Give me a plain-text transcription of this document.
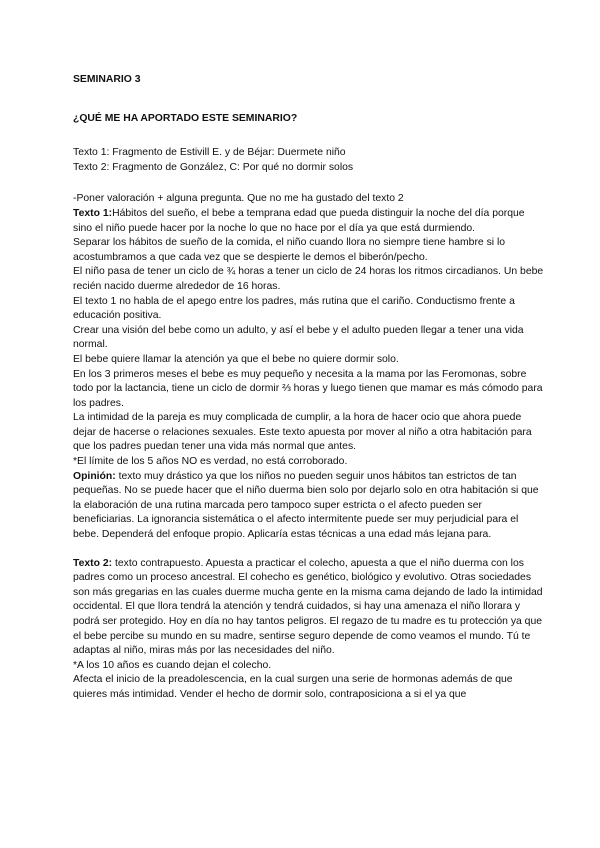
SEMINARIO 3

¿QUÉ ME HA APORTADO ESTE SEMINARIO?

Texto 1: Fragmento de Estivill E. y de Béjar: Duermete niño
Texto 2: Fragmento de González, C: Por qué no dormir solos

-Poner valoración + alguna pregunta. Que no me ha gustado del texto 2

Texto 1:Hábitos del sueño, el bebe a temprana edad que pueda distinguir la noche del día porque sino el niño puede hacer por la noche lo que no hace por el día ya que está durmiendo.

Separar los hábitos de sueño de la comida, el niño cuando llora no siempre tiene hambre si lo acostumbramos a que cada vez que se despierte le demos el biberón/pecho.

El niño pasa de tener un ciclo de ¾ horas a tener un ciclo de 24 horas los ritmos circadianos. Un bebe recién nacido duerme alrededor de 16 horas.

El texto 1 no habla de el apego entre los padres, más rutina que el cariño. Conductismo frente a educación positiva.

Crear una visión del bebe como un adulto, y así el bebe y el adulto pueden llegar a tener una vida normal.

El bebe quiere llamar la atención ya que el bebe no quiere dormir solo.

En los 3 primeros meses el bebe es muy pequeño y necesita a la mama por las Feromonas, sobre todo por la lactancia, tiene un ciclo de dormir ⅔ horas y luego tienen que mamar es más cómodo para los padres.

La intimidad de la pareja es muy complicada de cumplir, a la hora de hacer ocio que ahora puede dejar de hacerse o relaciones sexuales. Este texto apuesta por mover al niño a otra habitación para que los padres puedan tener una vida más normal que antes.

*El límite de los 5 años NO es verdad, no está corroborado.

Opinión: texto muy drástico ya que los niños no pueden seguir unos hábitos tan estrictos de tan pequeñas. No se puede hacer que el niño duerma bien solo por dejarlo solo en otra habitación si que la elaboración de una rutina marcada pero tampoco super estricta o el afecto pueden ser beneficiarias. La ignorancia sistemática o el afecto intermitente puede ser muy perjudicial para el bebe. Dependerá del enfoque propio. Aplicaría estas técnicas a una edad más lejana para.

Texto 2: texto contrapuesto. Apuesta a practicar el colecho, apuesta a que el niño duerma con los padres como un proceso ancestral. El cohecho es genético, biológico y evolutivo. Otras sociedades son más gregarias en las cuales duerme mucha gente en la misma cama dejando de lado la intimidad occidental. El que llora tendrá la atención y tendrá cuidados, si hay una amenaza el niño llorara y podrá ser protegido. Hoy en día no hay tantos peligros. El regazo de tu madre es tu protección ya que el bebe percibe su mundo en su madre, sentirse seguro depende de como veamos el mundo. Tú te adaptas al niño, miras más por las necesidades del niño.

*A los 10 años es cuando dejan el colecho.

Afecta el inicio de la preadolescencia, en la cual surgen una serie de hormonas además de que quieres más intimidad. Vender el hecho de dormir solo, contraposiciona a si el ya que
